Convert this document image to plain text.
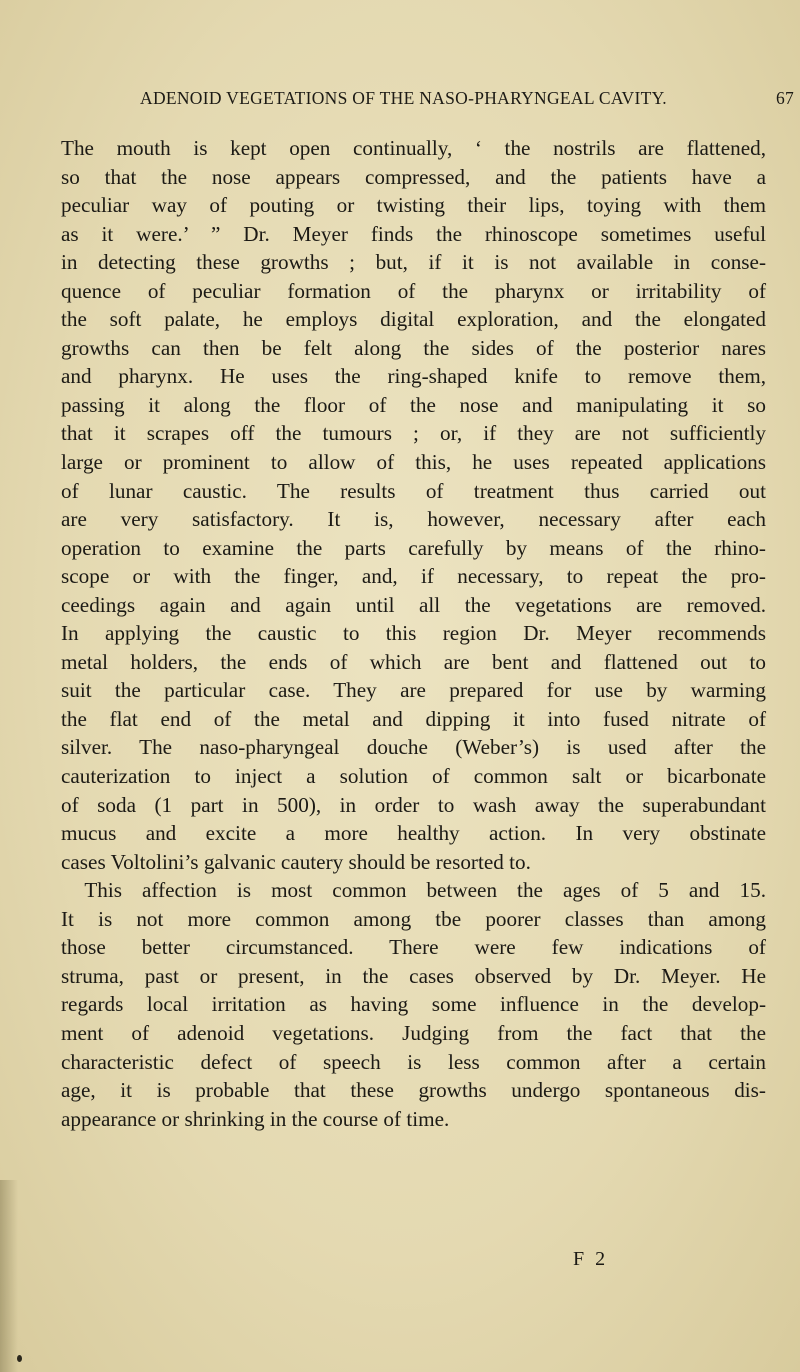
ADENOID VEGETATIONS OF THE NASO-PHARYNGEAL CAVITY.	67
The mouth is kept open continually, ‘ the nostrils are flattened,
so that the nose appears compressed, and the patients have a
peculiar way of pouting or twisting their lips, toying with them
as it were.’ ” Dr. Meyer finds the rhinoscope sometimes useful
in detecting these growths ; but, if it is not available in conse-
quence of peculiar formation of the pharynx or irritability of
the soft palate, he employs digital exploration, and the elongated
growths can then be felt along the sides of the posterior nares
and pharynx. He uses the ring-shaped knife to remove them,
passing it along the floor of the nose and manipulating it so
that it scrapes off the tumours ; or, if they are not sufficiently
large or prominent to allow of this, he uses repeated applications
of lunar caustic. The results of treatment thus carried out
are very satisfactory. It is, however, necessary after each
operation to examine the parts carefully by means of the rhino-
scope or with the finger, and, if necessary, to repeat the pro-
ceedings again and again until all the vegetations are removed.
In applying the caustic to this region Dr. Meyer recommends
metal holders, the ends of which are bent and flattened out to
suit the particular case. They are prepared for use by warming
the flat end of the metal and dipping it into fused nitrate of
silver. The naso-pharyngeal douche (Weber’s) is used after the
cauterization to inject a solution of common salt or bicarbonate
of soda (1 part in 500), in order to wash away the superabundant
mucus and excite a more healthy action. In very obstinate
cases Voltolini’s galvanic cautery should be resorted to.
This affection is most common between the ages of 5 and 15.
It is not more common among tbe poorer classes than among
those better circumstanced. There were few indications of
struma, past or present, in the cases observed by Dr. Meyer. He
regards local irritation as having some influence in the develop-
ment of adenoid vegetations. Judging from the fact that the
characteristic defect of speech is less common after a certain
age, it is probable that these growths undergo spontaneous dis-
appearance or shrinking in the course of time.
F 2
